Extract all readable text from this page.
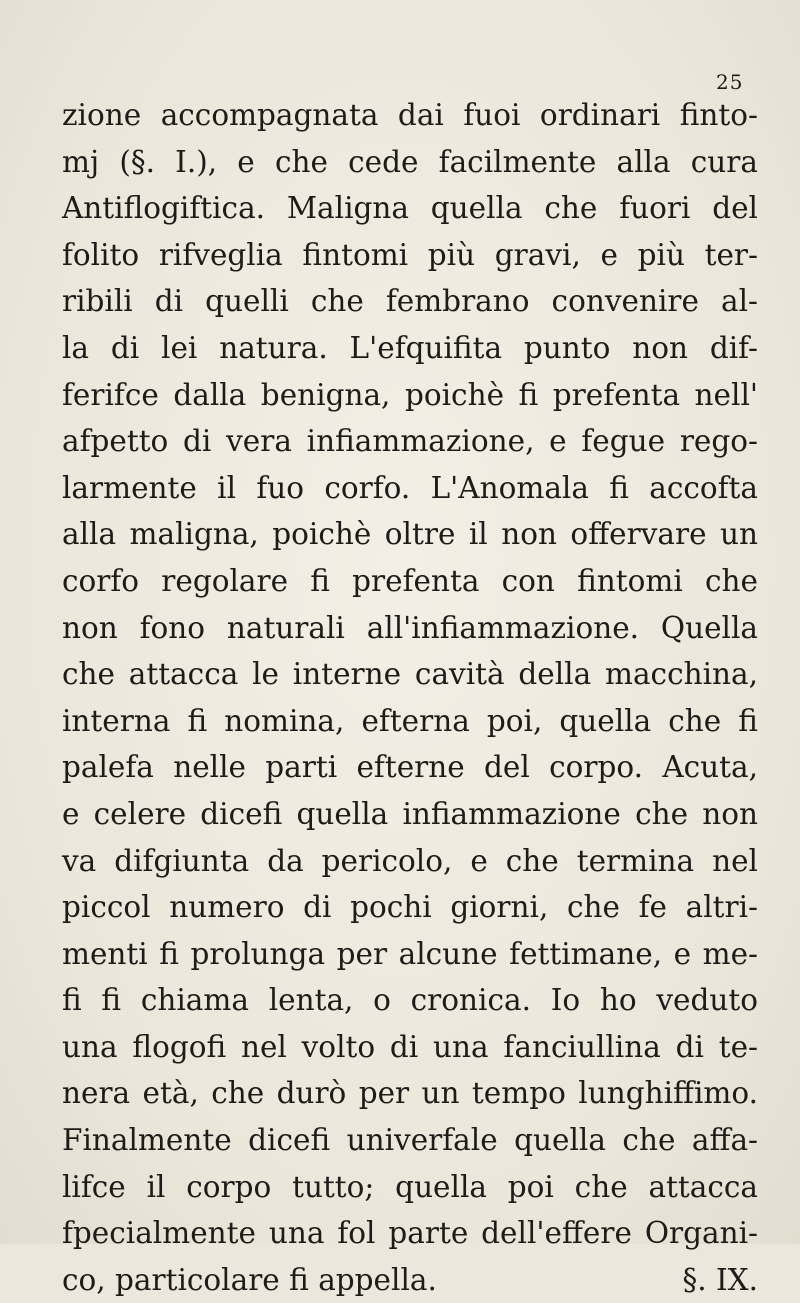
25
zione accompagnata dai fuoi ordinari finto-
mj (§. I.), e che cede facilmente alla cura
Antiflogiftica. Maligna quella che fuori del
folito rifveglia fintomi più gravi, e più ter-
ribili di quelli che fembrano convenire al-
la di lei natura. L'efquifita punto non dif-
ferifce dalla benigna, poichè fi prefenta nell'
afpetto di vera infiammazione, e fegue rego-
larmente il fuo corfo. L'Anomala fi accofta
alla maligna, poichè oltre il non offervare un
corfo regolare fi prefenta con fintomi che
non fono naturali all'infiammazione. Quella
che attacca le interne cavità della macchina,
interna fi nomina, efterna poi, quella che fi
palefa nelle parti efterne del corpo. Acuta,
e celere dicefi quella infiammazione che non
va difgiunta da pericolo, e che termina nel
piccol numero di pochi giorni, che fe altri-
menti fi prolunga per alcune fettimane, e me-
fi fi chiama lenta, o cronica. Io ho veduto
una flogofi nel volto di una fanciullina di te-
nera età, che durò per un tempo lunghiffimo.
Finalmente dicefi univerfale quella che affa-
lifce il corpo tutto; quella poi che attacca
fpecialmente una fol parte dell'effere Organi-
co, particolare fi appella.	§. IX.
